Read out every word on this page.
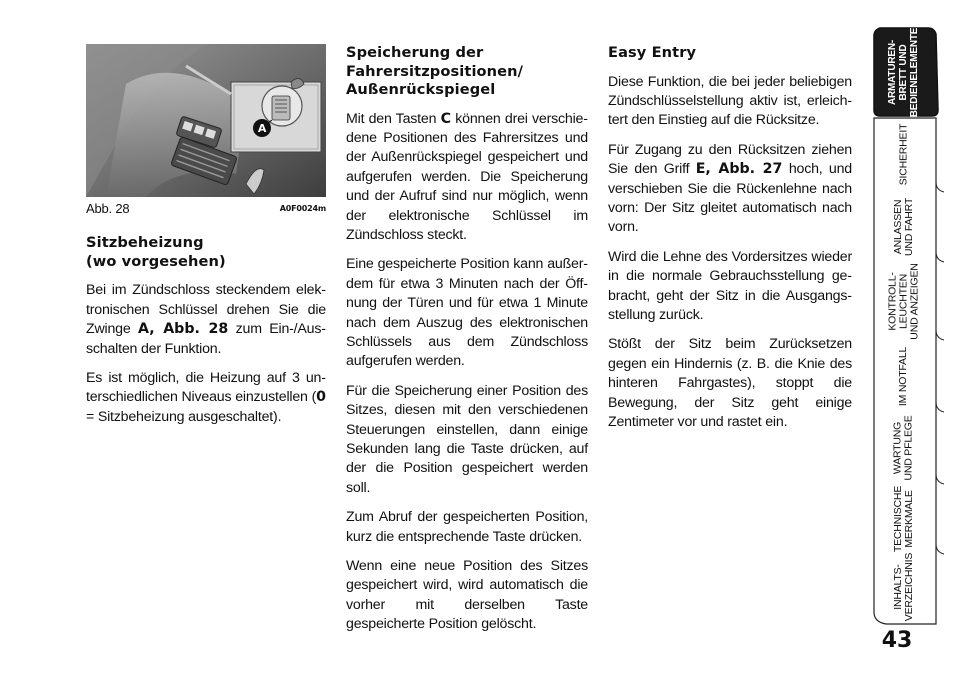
A
Abb. 28	A0F0024m
Sitzbeheizung
(wo vorgesehen)

Bei im Zündschloss steckendem elektronischen Schlüssel drehen Sie die Zwinge A, Abb. 28 zum Ein-/Ausschalten der Funktion.

Es ist möglich, die Heizung auf 3 unterschiedlichen Niveaus einzustellen (0 = Sitzbeheizung ausgeschaltet).

Speicherung der
Fahrersitzpositionen/
Außenrückspiegel

Mit den Tasten C können drei verschiedene Positionen des Fahrersitzes und der Außenrückspiegel gespeichert und aufgerufen werden. Die Speicherung und der Aufruf sind nur möglich, wenn der elektronische Schlüssel im Zündschloss steckt.

Eine gespeicherte Position kann außerdem für etwa 3 Minuten nach der Öffnung der Türen und für etwa 1 Minute nach dem Auszug des elektronischen Schlüssels aus dem Zündschloss aufgerufen werden.

Für die Speicherung einer Position des Sitzes, diesen mit den verschiedenen Steuerungen einstellen, dann einige Sekunden lang die Taste drücken, auf der die Position gespeichert werden soll.

Zum Abruf der gespeicherten Position, kurz die entsprechende Taste drücken.

Wenn eine neue Position des Sitzes gespeichert wird, wird automatisch die vorher mit derselben Taste gespeicherte Position gelöscht.

Easy Entry

Diese Funktion, die bei jeder beliebigen Zündschlüsselstellung aktiv ist, erleichtert den Einstieg auf die Rücksitze.

Für Zugang zu den Rücksitzen ziehen Sie den Griff E, Abb. 27 hoch, und verschieben Sie die Rückenlehne nach vorn: Der Sitz gleitet automatisch nach vorn.

Wird die Lehne des Vordersitzes wieder in die normale Gebrauchsstellung gebracht, geht der Sitz in die Ausgangsstellung zurück.

Stößt der Sitz beim Zurücksetzen gegen ein Hindernis (z. B. die Knie des hinteren Fahrgastes), stoppt die Bewegung, der Sitz geht einige Zentimeter vor und rastet ein.

ARMATUREN-
BRETT UND
BEDIENELEMENTE
SICHERHEIT
ANLASSEN
UND FAHRT
KONTROLL-
LEUCHTEN
UND ANZEIGEN
IM NOTFALL
WARTUNG
UND PFLEGE
TECHNISCHE
MERKMALE
INHALTS-
VERZEICHNIS
43
